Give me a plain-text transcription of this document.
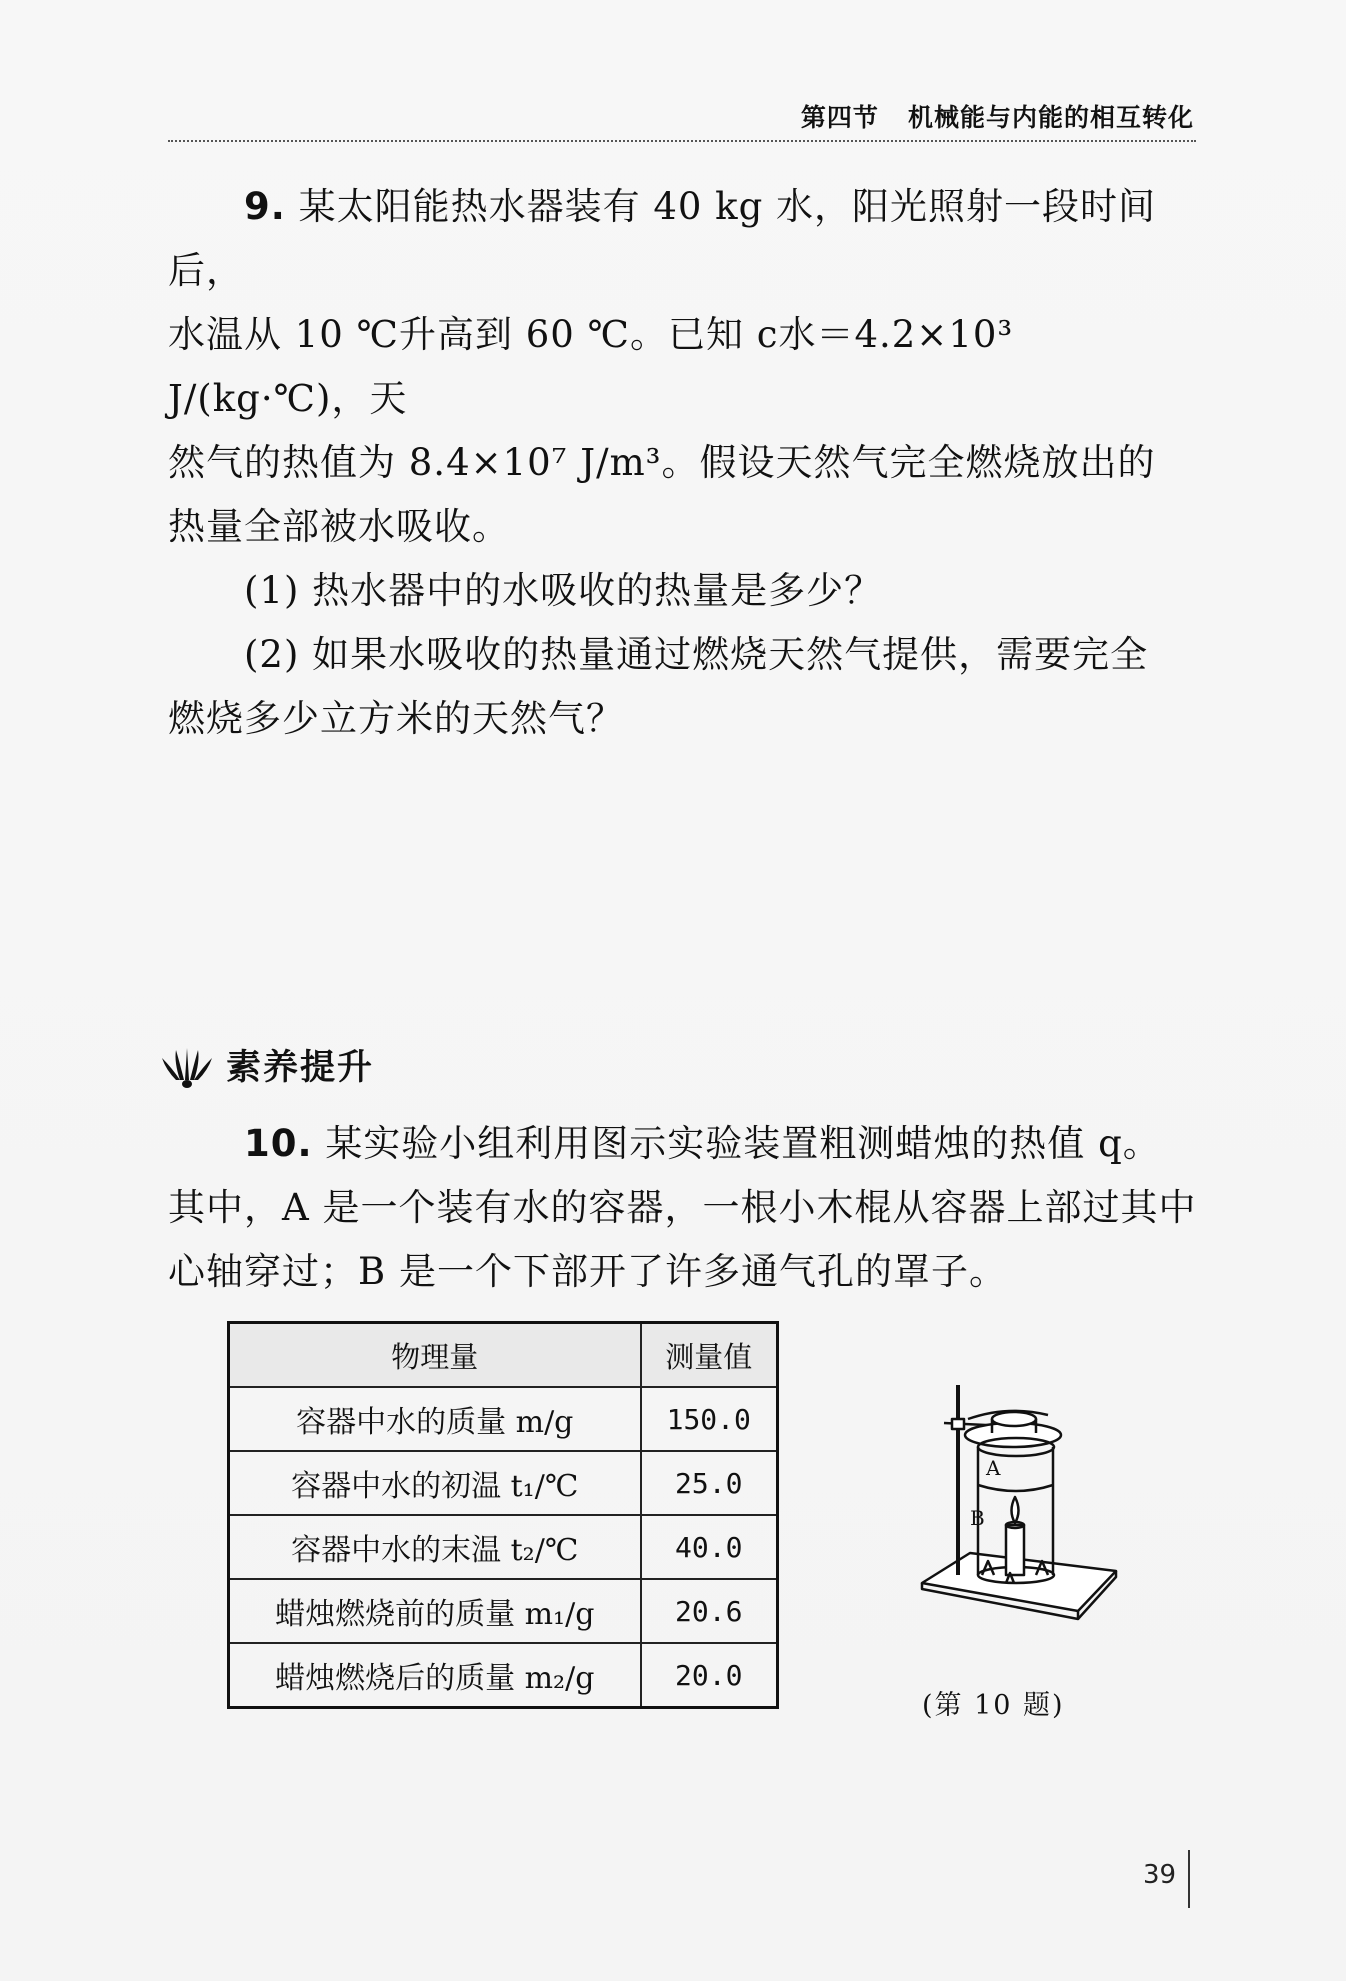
第四节 机械能与内能的相互转化

9. 某太阳能热水器装有 40 kg 水，阳光照射一段时间后，

水温从 10 ℃升高到 60 ℃。已知 c水＝4.2×10³ J/(kg·℃)，天

然气的热值为 8.4×10⁷ J/m³。假设天然气完全燃烧放出的

热量全部被水吸收。

(1) 热水器中的水吸收的热量是多少？

(2) 如果水吸收的热量通过燃烧天然气提供，需要完全

燃烧多少立方米的天然气？

素养提升

10. 某实验小组利用图示实验装置粗测蜡烛的热值 q。

其中，A 是一个装有水的容器，一根小木棍从容器上部过其中

心轴穿过；B 是一个下部开了许多通气孔的罩子。

物理量	测量值
容器中水的质量 m/g	150.0
容器中水的初温 t₁/℃	25.0
容器中水的末温 t₂/℃	40.0
蜡烛燃烧前的质量 m₁/g	20.6
蜡烛燃烧后的质量 m₂/g	20.0
A
B
(第 10 题)
39
